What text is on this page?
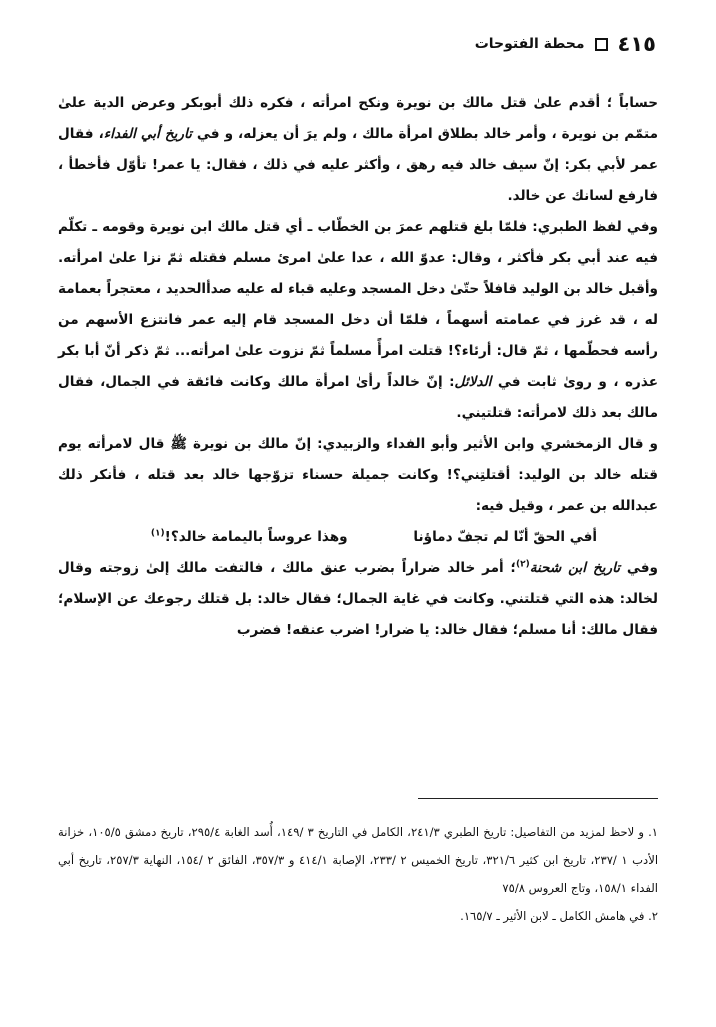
٤١٥
محطة الفتوحات

حساباً ؛ أقدم علىٰ قتل مالك بن نويرة ونكح امرأته ، فكره ذلك أبوبكر وعرض الدية علىٰ متمّم بن نويرة ، وأمر خالد بطلاق امرأة مالك ، ولم يرَ أن يعزله، و في تاريخ أبي الفداء، فقال عمر لأبي بكر: إنّ سيف خالد فيه رهق ، وأكثر عليه في ذلك ، فقال: يا عمر! تأوّل فأخطأ ، فارفع لسانك عن خالد.

وفي لفظ الطبري: فلمّا بلغ قتلهم عمرَ بن الخطّاب ـ أي قتل مالك ابن نويرة وقومه ـ تكلّم فيه عند أبي بكر فأكثر ، وقال: عدوّ الله ، عدا علىٰ امرئ مسلم فقتله ثمّ نزا علىٰ امرأته. وأقبل خالد بن الوليد قافلاً حتّىٰ دخل المسجد وعليه قباء له عليه صدأالحديد ، معتجراً بعمامة له ، قد غرز في عمامته أسهماً ، فلمّا أن دخل المسجد قام إليه عمر فانتزع الأسهم من رأسه فحطّمها ، ثمّ قال: أرئاء؟! قتلت امرأً مسلماً ثمّ نزوت علىٰ امرأته... ثمّ ذكر أنّ أبا بكر عذره ، و روىٰ ثابت في الدلائل: إنّ خالداً رأىٰ امرأة مالك وكانت فائقة في الجمال، فقال مالك بعد ذلك لامرأته: قتلتيني.

و قال الزمخشري وابن الأثير وأبو الفداء والزبيدي: إنّ مالك بن نويرة ﷺ قال لامرأته يوم قتله خالد بن الوليد: أقتلتِني؟! وكانت جميلة حسناء تزوّجها خالد بعد قتله ، فأنكر ذلك عبدالله بن عمر ، وقيل فيه:

أفي الحقّ أنّا لم تجفّ دماؤنا
وهذا عروساً باليمامة خالد؟!$^{(١)}$

وفي تاريخ ابن شحنة$^{(٢)}$؛ أمر خالد ضراراً بضرب عنق مالك ، فالتفت مالك إلىٰ زوجته وقال لخالد: هذه التي قتلتني. وكانت في غاية الجمال؛ فقال خالد: بل قتلك رجوعك عن الإسلام؛ فقال مالك: أنا مسلم؛ فقال خالد: يا ضرار! اضرب عنقه! فضرب

١. و لاحظ لمزيد من التفاصيل: تاريخ الطبري ٢٤١/٣، الكامل في التاريخ ٣ /١٤٩، أُسد الغابة ٢٩٥/٤، تاريخ دمشق ١٠٥/٥، خزانة الأدب ١ /٢٣٧، تاريخ ابن كثير ٣٢١/٦، تاريخ الخميس ٢ /٢٣٣، الإصابة ٤١٤/١ و ٣٥٧/٣، الفائق ٢ /١٥٤، النهاية ٢٥٧/٣، تاريخ أبي الفداء ١٥٨/١، وتاج العروس ٧٥/٨

٢. في هامش الكامل ـ لابن الأثير ـ ١٦٥/٧.
